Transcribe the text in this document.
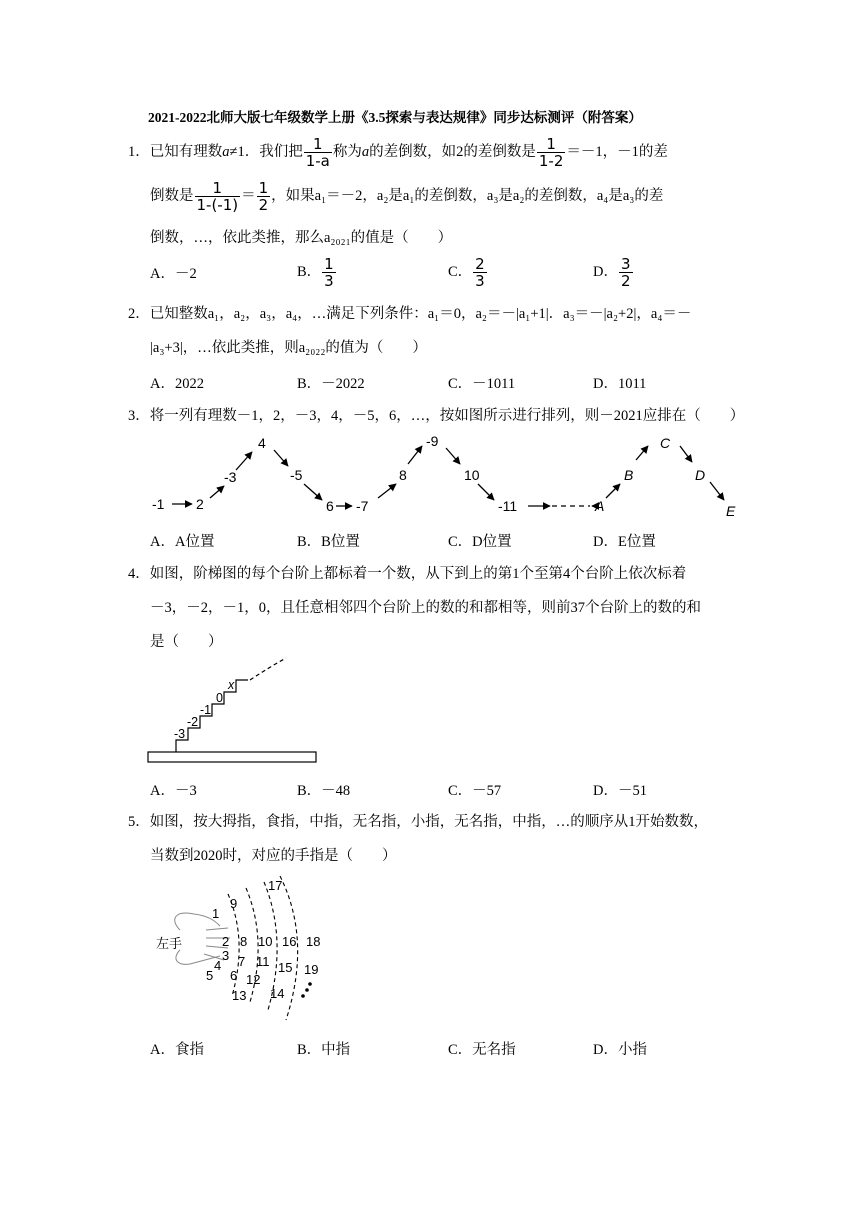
2021-2022北师大版七年级数学上册《3.5探索与表达规律》同步达标测评（附答案）
1．已知有理数a≠1．我们把 $\frac{1}{1-a}$ 称为a的差倒数，如2的差倒数是 $\frac{1}{1-2} =-1$，－1的差
倒数是 $\frac{1}{1-(-1)} = \frac{1}{2}$ ，如果a₁＝－2，a₂是a₁的差倒数，a₃是a₂的差倒数，a₄是a₃的差
倒数，…，依此类推，那么a₂₀₂₁的值是（　　）
A．－2	B． $\frac{1}{3}$	C． $\frac{2}{3}$	D． $\frac{3}{2}$
2．已知整数a₁，a₂，a₃，a₄，…满足下列条件：a₁＝0，a₂＝－|a₁+1|．a₃＝－|a₂+2|，a₄＝－
|a₃+3|，…依此类推，则a₂₀₂₂的值为（　　）
A．2022	B．－2022	C．－1011	D．1011
3．将一列有理数－1，2，－3，4，－5，6，…，按如图所示进行排列，则－2021应排在（　　）
-1 2
-3
4
-5
6 -7
8
-9
10
-11	A
B
C
D
E
A．A位置	B．B位置	C．D位置	D．E位置
4．如图，阶梯图的每个台阶上都标着一个数，从下到上的第1个至第4个台阶上依次标着
－3，－2，－1，0，且任意相邻四个台阶上的数的和都相等，则前37个台阶上的数的和
是（　　）
-3
-2
-1
0
x
A．－3	B．－48	C．－57	D．－51
5．如图，按大拇指，食指，中指，无名指，小指，无名指，中指，…的顺序从1开始数数，
当数到2020时，对应的手指是（　　）
左手
1
2
3
4
5 6
7
8
9
10
11
12
13 14
15
16
17
18
19
A．食指	B．中指	C．无名指	D．小指
